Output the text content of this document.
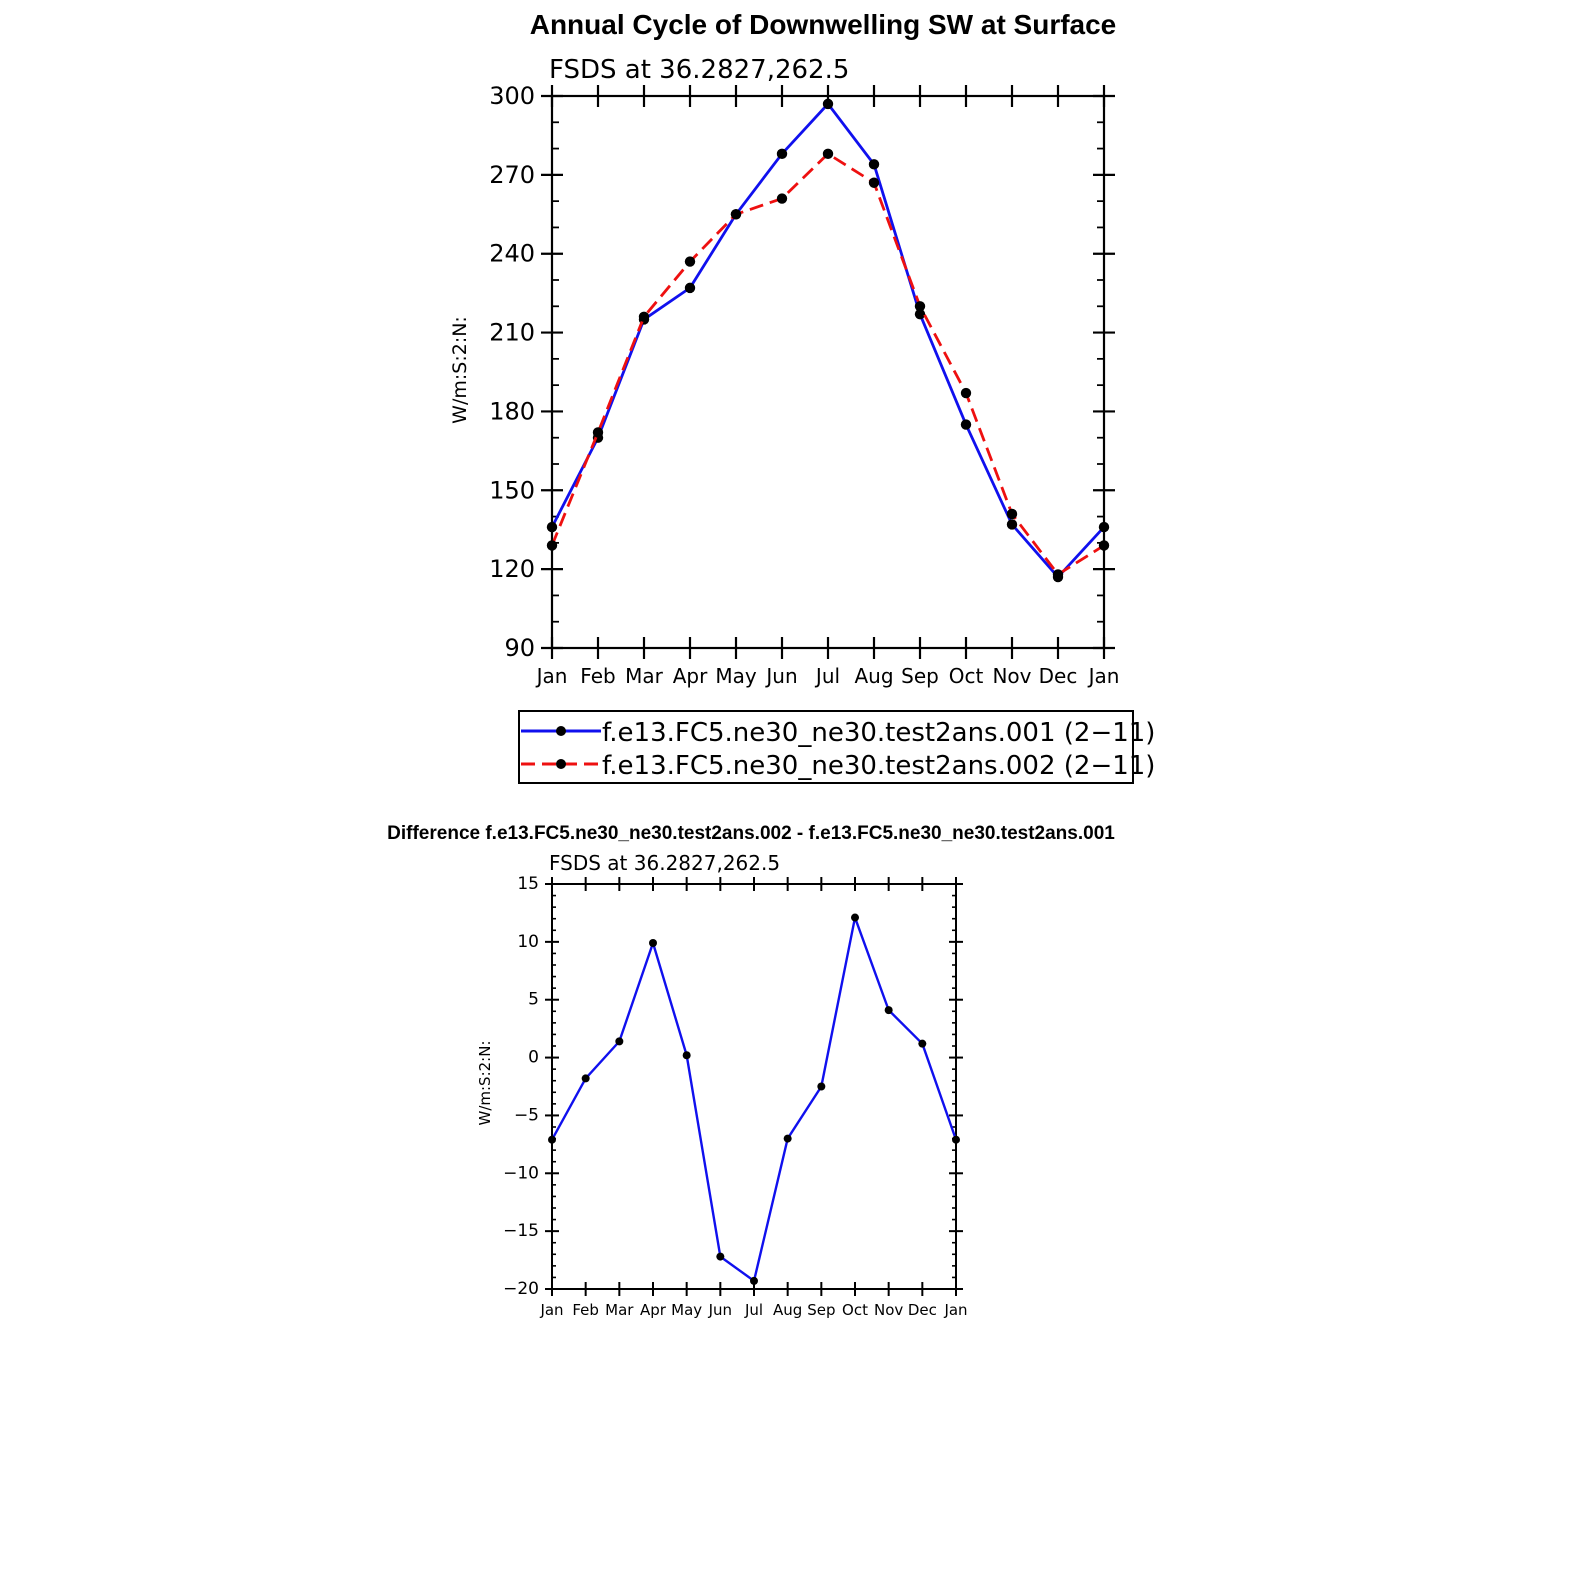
Annual Cycle of Downwelling SW at Surface
FSDS at 36.2827,262.5
W/m:S:2:N:
90
120
150
180
210
240
270
300
Jan Feb Mar Apr May Jun Jul Aug Sep Oct Nov Dec Jan
f.e13.FC5.ne30_ne30.test2ans.001 (2−11)
f.e13.FC5.ne30_ne30.test2ans.002 (2−11)
Difference f.e13.FC5.ne30_ne30.test2ans.002 - f.e13.FC5.ne30_ne30.test2ans.001
FSDS at 36.2827,262.5
W/m:S:2:N:
−20
−15
−10
−5
0
5
10
15
Jan Feb Mar Apr May Jun Jul Aug Sep Oct Nov Dec Jan
